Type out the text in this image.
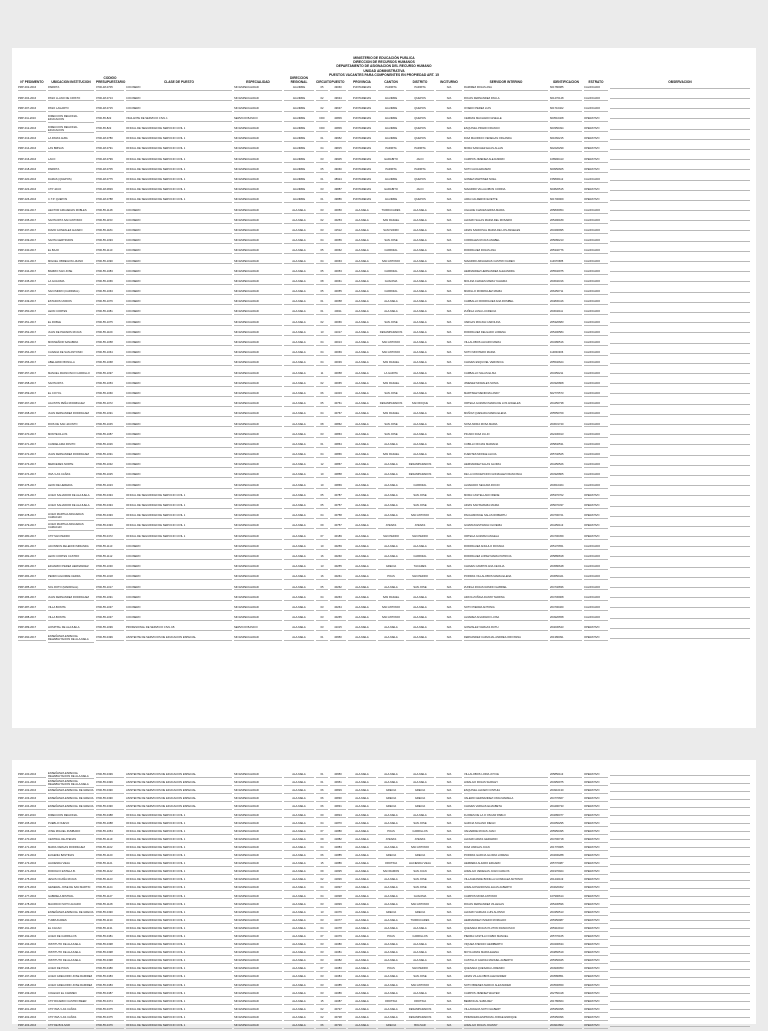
MINISTERIO DE EDUCACIÓN PUBLICA
DIRECCION DE RECURSOS HUMANOS
DEPARTAMENTO DE ASIGNACION DEL RECURSO HUMANO
UNIDAD ADMINISTRATIVA
PUESTOS VACANTES PARA COMPONENTES EN PROPIEDAD ART. 15
N° PEDIMENTO	UBICACION INSTITUCION	CODIGO PRESUPUESTARIO	CLASE DE PUESTO	ESPECIALIDAD	DIRECCION REGIONAL	CIRCUITO	PUESTO	PROVINCIA	CANTON	DISTRITO	INCITURNO	SERVIDOR INTERINO	IDENTIFICACION	ESTRATO	OBSERVACION
PMP-002-2016	PARRITA	0700-48-0705	COCINERO	SIN ESPECIALIDAD	AGUIRRE	05	49060	PUNTARENAS	PARRITA	PARRITA	N/A	RAMIREZ ROJAS ANA	601780985	CALIFICADO	
PMP-004-2016	PASO LLANO DE CRISTO	0700-48-0713	COCINERO	SIN ESPECIALIDAD	AGUIRRE	02	49634	PUNTARENAS	AGUIRRE	QUEPOS	N/A	ROJAS FERNANDEZ PAULA	601470148	CALIFICADO	
PMP-007-2016	PASO LAGARTO	0700-48-0715	COCINERO	SIN ESPECIALIDAD	AGUIRRE	02	49637	PUNTARENAS	AGUIRRE	QUEPOS	N/A	OVIEDO PEREZ LUIS	601710402	CALIFICADO	
PMP-011-2016	DIRECCION REGIONAL EDUCACION	0700-65-822	VIGILANTE DE SERVICIO CIVIL 1	SERVICIO BASICO	AGUIRRE	D00	40809	PUNTARENAS	AGUIRRE	QUEPOS	N/A	CERDAS MACHADO GISELLE	603510408	OPERATIVO	
PMP-012-2016	DIRECCION REGIONAL EDUCACION	0700-65-822	OFICIAL DE SEGURIDAD DE SERVICIO CIVIL 1	SIN ESPECIALIDAD	AGUIRRE	D00	40809	PUNTARENAS	AGUIRRE	QUEPOS	N/A	ESQUIVEL PRADO FRANCO	603350494	OPERATIVO	
PMP-013-2016	LA PAVAS ALBA	0700-48-0780	OFICIAL DE SEGURIDAD DE SERVICIO CIVIL 1	SIN ESPECIALIDAD	AGUIRRE	01	49952	PUNTARENAS	AGUIRRE	QUEPOS	N/A	DIAZ MAURICIO VENEGAS ORLANDA	601660215	OPERATIVO	
PMP-014-2016	LAS BRISAS	0700-48-0791	OFICIAL DE SEGURIDAD DE SERVICIO CIVIL 1	SIN ESPECIALIDAD	AGUIRRE	04	49815	PUNTARENAS	PARRITA	PARRITA	N/A	MORA SANCHEZ ELIAS ALLAN	602220299	OPERATIVO	
PMP-016-2016	LACO	0700-48-0799	OFICIAL DE SEGURIDAD DE SERVICIO CIVIL 1	SIN ESPECIALIDAD	AGUIRRE	03	49905	PUNTARENAS	GARABITO	JACO	N/A	CAMPOS JIMENEZ ALEJANDRO	108990413	OPERATIVO	
PMP-018-2016	PARRITA	0700-48-0705	OFICIAL DE SEGURIDAD DE SERVICIO CIVIL 1	SIN ESPECIALIDAD	AGUIRRE	05	49060	PUNTARENAS	PARRITA	PARRITA	N/A	SOTO ALVA ERASMO	600950605	OPERATIVO	
PMP-020-2016	DAMAS (QUEPOS)	0700-48-0775	OFICIAL DE SEGURIDAD DE SERVICIO CIVIL 1	SIN ESPECIALIDAD	AGUIRRE	01	48924	PUNTARENAS	AGUIRRE	QUEPOS	N/A	GOMEZ MARTINEZ NOEL	155806112	CALIFICADO	
PMP-023-2016	CTP JACO	0700-48-0829	OFICIAL DE SEGURIDAD DE SERVICIO CIVIL 1	SIN ESPECIALIDAD	AGUIRRE	03	49887	PUNTARENAS	GARABITO	JACO	N/A	NAVARRO VILLALOBOS CORINA	603820515	OPERATIVO	
PMP-026-2016	C.T.P. QUEPOS	0700-48-0788	OFICIAL DE SEGURIDAD DE SERVICIO CIVIL 1	SIN ESPECIALIDAD	AGUIRRE	01	49886	PUNTARENAS	AGUIRRE	QUEPOS	N/A	JARA CALDERON EVETTE	601700909	OPERATIVO	
PMP-032-2017	HECTOR ARGUEDAS ROBLES	0700-55-1148	COCINERO	SIN ESPECIALIDAD	ALAJUELA	03	40050	ALAJUELA	TURRUCARES	ALAJUELA	N/A	UGALDE CHAVES ERIKA MARIA	205830954	CALIFICADO	
PMP-035-2017	SANTA RITA SAN ANTONIO	0700-55-1153	COCINERO	SIN ESPECIALIDAD	ALAJUELA	02	40253	ALAJUELA	SAN RAFAEL	ALAJUELA	N/A	ALFARO SALAS MARIA DEL ROSARIO	205490189	CALIFICADO	
PMP-037-2017	DAVID GONZALEZ ALFARO	0700-55-1184	COCINERO	SIN ESPECIALIDAD	ALAJUELA	03	41512	ALAJUELA	SAN ISIDRO	ALAJUELA	N/A	ARIAS SANDOVAL MARIA DE LOS ANGELES	203490995	CALIFICADO	
PMP-039-2017	SANTA GERTRUDIS	0700-55-1093	COCINERO	SIN ESPECIALIDAD	ALAJUELA	04	40056	ALAJUELA	SAN JOSE	ALAJUELA	N/A	CORRALES ROJAS ANABEL	205080213	CALIFICADO	
PMP-040-2017	EL BAJO	0700-55-1110	COCINERO	SIN ESPECIALIDAD	ALAJUELA	05	40062	ALAJUELA	CARRIZAL	ALAJUELA	N/A	RODRIGUEZ ROJAS ANA	205340776	CALIFICADO	
PMP-041-2017	MIGUEL OBREGON LIZANO	0700-55-1090	COCINERO	SIN ESPECIALIDAD	ALAJUELA	04	40063	ALAJUELA	SAN ANTONIO	ALAJUELA	N/A	NAVARRO ARGUEDAS CASTRO KAREN	114970685	CALIFICADO	
PMP-044-2017	BARRIO SAN JOSE	0700-55-1083	COCINERO	SIN ESPECIALIDAD	ALAJUELA	05	40053	ALAJUELA	CARRIZAL	ALAJUELA	N/A	HERNANDEZ HERNANDEZ ALEJANDRA	205540975	CALIFICADO	
PMP-045-2017	LA GUACIMA	0700-55-1066	COCINERO	SIN ESPECIALIDAD	ALAJUELA	08	40061	ALAJUELA	GUACIMA	ALAJUELA	N/A	MOLINA CHAVES MARIA YAHAIRA	203640316	CALIFICADO	
PMP-047-2017	SAN ISIDRO (CARRIZAL)	0700-55-1063	COCINERO	SIN ESPECIALIDAD	ALAJUELA	05	40055	ALAJUELA	CARRIZAL	ALAJUELA	N/A	MURILLO RODRIGUEZ MARIA	206450711	CALIFICADO	
PMP-049-2017	ESTADOS UNIDOS	0700-55-1076	COCINERO	SIN ESPECIALIDAD	ALAJUELA	01	40058	ALAJUELA	ALAJUELA	ALAJUELA	N/A	CARBALLO RODRIGUEZ ANA ROSIBEL	204830416	CALIFICADO	
PMP-050-2017	LEON CORTES	0700-55-1081	COCINERO	SIN ESPECIALIDAD	ALAJUELA	01	40011	ALAJUELA	ALAJUELA	ALAJUELA	N/A	ZUÑIGA LUNA LUCRECIA	203040111	CALIFICADO	
PMP-051-2017	EL ROBLE	0700-55-1075	COCINERO	SIN ESPECIALIDAD	ALAJUELA	02	40066	ALAJUELA	SAN JOSE	ALAJUELA	N/A	VARGAS MOLINA CAROLINA	205320683	CALIFICADO	
PMP-052-2017	JUAN DE PARADIS ROJAS	0700-55-1109	COCINERO	SIN ESPECIALIDAD	ALAJUELA	13	41017	ALAJUELA	DESAMPARADOS	ALAJUELA	N/A	RODRIGUEZ DELGADO LORENA	205400584	CALIFICADO	
PMP-053-2017	MONSEÑOR SANABRIA	0700-55-1058	COCINERO	SIN ESPECIALIDAD	ALAJUELA	04	40013	ALAJUELA	SAN ANTONIO	ALAJUELA	N/A	VILLALOBOS ALFARO MARIA	203480516	CALIFICADO	
PMP-054-2017	CANADA DE SAN ANTONIO	0700-55-1064	COCINERO	SIN ESPECIALIDAD	ALAJUELA	04	40069	ALAJUELA	SAN ANTONIO	ALAJUELA	N/A	SOTO MONTERO MARIA	114840306	CALIFICADO	
PMP-056-2017	ABELARDO BONILLA	0700-55-1068	COCINERO	SIN ESPECIALIDAD	ALAJUELA	04	40039	ALAJUELA	SAN RAFAEL	ALAJUELA	N/A	CHAVES ESQUIVEL VERONICA	205540624	CALIFICADO	
PMP-057-2017	MANUEL FRANCISCO CARRILLO	0700-55-1097	COCINERO	SIN ESPECIALIDAD	ALAJUELA	11	40058	ALAJUELA	LA GARITA	ALAJUELA	N/A	CARBALLO SALAS ELISA	203450211	CALIFICADO	
PMP-058-2017	SANTA RITA	0700-55-1053	COCINERO	SIN ESPECIALIDAD	ALAJUELA	02	40065	ALAJUELA	SAN RAFAEL	ALAJUELA	N/A	JIMENEZ MORALES SONIA	203320808	CALIFICADO	
PMP-059-2017	EL COYOL	0700-55-1060	COCINERO	SIN ESPECIALIDAD	ALAJUELA	06	41003	ALAJUELA	SAN JOSE	ALAJUELA	N/A	MARTINEZ MENDOZA ANDY	602770573	CALIFICADO	
PMP-067-2017	AGUSTIN PEÑA RODRIGUEZ	0700-55-1072	COCINERO	SIN ESPECIALIDAD	ALAJUELA	05	40761	ALAJUELA	DESAMPARADOS	SAN ROQUE	N/A	ORTEGA GUZMAN MARIA DE LOS ANGELES	204450738	CALIFICADO	
PMP-068-2017	JUAN FERNANDEZ RODRIGUEZ	0700-55-1091	COCINERO	SIN ESPECIALIDAD	ALAJUELA	04	40767	ALAJUELA	SAN RAFAEL	ALAJUELA	N/A	MUÑOZ QUESADA MARIA ELENA	205550709	CALIFICADO	
PMP-069-2017	RIOS DE SAN JACINTO	0700-55-1045	COCINERO	SIN ESPECIALIDAD	ALAJUELA	08	40862	ALAJUELA	SAN JOSE	ALAJUELA	N/A	SOSA MORA ROSA MARIA	203631740	CALIFICADO	
PMP-070-2017	MONTECILLOS	0700-55-1087	COCINERO	SIN ESPECIALIDAD	ALAJUELA	03	40863	ALAJUELA	SAN JOSE	ALAJUELA	N/A	PICADO DIAZ JULIO	202430913	CALIFICADO	
PMP-071-2017	CANDELARIA PASITO	0700-55-1026	COCINERO	SIN ESPECIALIDAD	ALAJUELA	01	40864	ALAJUELA	ALAJUELA	ALAJUELA	N/A	CUBILLO ROJAS MARIANA	205840531	CALIFICADO	
PMP-072-2017	JUAN FERNANDEZ RODRIGUEZ	0700-55-1091	COCINERO	SIN ESPECIALIDAD	ALAJUELA	04	40866	ALAJUELA	SAN RAFAEL	ALAJUELA	N/A	FUENTES MONGE ALICIA	205740525	CALIFICADO	
PMP-073-2017	MERCEDES NORTE	0700-55-1032	COCINERO	SIN ESPECIALIDAD	ALAJUELA	12	40867	ALAJUELA	ALAJUELA	DESAMPARADOS	N/A	HERNANDEZ SALAS GLORIA	204450526	CALIFICADO	
PMP-074-2017	INVU LAS CAÑAS	0700-55-1025	COCINERO	SIN ESPECIALIDAD	ALAJUELA	10	40858	ALAJUELA	ALAJUELA	DESAMPARADOS	N/A	DE LA CONCEPCION GONZALEZ FRANCISCA	203320805	CALIFICADO	
PMP-075-2017	LEON DE HEREDIA	0700-55-1023	COCINERO	SIN ESPECIALIDAD	ALAJUELA	10	40869	ALAJUELA	ALAJUELA	CARRIZAL	N/A	ALVARADO SEGURA ROCIO	203610464	CALIFICADO	
PMP-076-2017	LICEO SALVADOR DE ALAJUELA	0700-55-0494	OFICIAL DE SEGURIDAD DE SERVICIO CIVIL 1	SIN ESPECIALIDAD	ALAJUELA	05	40787	ALAJUELA	ALAJUELA	SAN JOSE	N/A	MORA CASTELLANO IRENE	205370702	OPERATIVO	
PMP-077-2017	LICEO SALVADOR DE ALAJUELA	0700-55-0494	OFICIAL DE SEGURIDAD DE SERVICIO CIVIL 1	SIN ESPECIALIDAD	ALAJUELA	05	40757	ALAJUELA	ALAJUELA	SAN JOSE	N/A	ARIAS SANTAMARIA MARIA	205070337	OPERATIVO	
PMP-078-2017	LICEO MARTHA ARGUEDAS CAMACHO	0700-55-0493	OFICIAL DE SEGURIDAD DE SERVICIO CIVIL 1	SIN ESPECIALIDAD	ALAJUELA	04	40758	ALAJUELA	ALAJUELA	SAN ANTONIO	N/A	PACHAMONGE SALAS ROBERTH	203700721	OPERATIVO	
PMP-079-2017	LICEO MARTHA ARGUEDAS CAMACHO	0700-55-0493	OFICIAL DE SEGURIDAD DE SERVICIO CIVIL 1	SIN ESPECIALIDAD	ALAJUELA	09	40757	ALAJUELA	ATENAS	ATENAS	N/A	GUZMAN ESTRADA OLIVERIA	204450113	OPERATIVO	
PMP-080-2017	CTP SAN PEDRO	0700-55-0472	OFICIAL DE SEGURIDAD DE SERVICIO CIVIL 1	SIN ESPECIALIDAD	ALAJUELA	07	40189	ALAJUELA	SAN PEDRO	SAN PEDRO	N/A	ORTEGA GUZMAN ANGELA	204700459	OPERATIVO	
PMP-081-2017	JACINSKIN ZELEDON MIRANDA	0700-55-1113	COCINERO	SIN ESPECIALIDAD	ALAJUELA	10	40259	ALAJUELA	ALAJUELA	ALAJUELA	N/A	RODRIGUEZ ANGULO ROXANA	205170651	CALIFICADO	
PMP-082-2017	LEON CORTES CASTRO	0700-55-1112	COCINERO	SIN ESPECIALIDAD	ALAJUELA	16	40260	ALAJUELA	ALAJUELA	CARRIZAL	N/A	RODRIGUEZ LOPEZ MARIA PATRICIA	205880818	CALIFICADO	
PMP-083-2017	EDUARDO PEREZ HERNANDEZ	0700-55-1030	COCINERO	SIN ESPECIALIDAD	ALAJUELA	13	40255	ALAJUELA	GRECIA	TACARES	N/A	CHAVES CAMPOS ANA CECILIA	204580648	CALIFICADO	
PMP-084-2017	PEDRO AGUIRRE CERDA	0700-55-1018	COCINERO	SIN ESPECIALIDAD	ALAJUELA	16	40261	ALAJUELA	POAS	SAN PEDRO	N/A	PORRAS VILLALOBOS MARIA ELENA	203650421	CALIFICADO	
PMP-085-2017	SOL ROTO (MADRIGAL)	0700-55-1017	COCINERO	SIN ESPECIALIDAD	ALAJUELA	05	40262	ALAJUELA	ALAJUELA	SAN JOSE	N/A	ZUNIGA ROJAS RAMON GABRIEL	204740836	CALIFICADO	
PMP-086-2017	JUAN FERNANDEZ RODRIGUEZ	0700-55-1091	COCINERO	SIN ESPECIALIDAD	ALAJUELA	04	40263	ALAJUELA	SAN RAFAEL	ALAJUELA	N/A	ARAYA ZUÑIGA DANNY MARINA	204730908	CALIFICADO	
PMP-087-2017	VILLA BONITA	0700-55-1037	COCINERO	SIN ESPECIALIDAD	ALAJUELA	03	40264	ALAJUELA	SAN ANTONIO	ALAJUELA	N/A	SOTO PIEDRA ANTONIA	204700460	CALIFICADO	
PMP-088-2017	VILLA BONITA	0700-55-1037	COCINERO	SIN ESPECIALIDAD	ALAJUELA	03	40265	ALAJUELA	SAN ANTONIO	ALAJUELA	N/A	ALVAREZ ALVARADO LUISA	204920658	CALIFICADO	
PMP-089-2017	HOSPITAL DE ALAJUELA	0700-55-1099	PROFESIONAL DE SERVICIO CIVIL 1B	SERVICIO BASICO	ALAJUELA	03	41015	ALAJUELA	ALAJUELA	ALAJUELA	N/A	GONZALEZ VARGAS RUTH	204030543	OPERATIVO	
PMP-090-2017	ENSEÑANZA ESPECIAL REHABILITACION DE ALAJUELA	0700-55-0499	ASISTENTE DE SERVICIOS DE EDUCACION ESPECIAL	SIN ESPECIALIDAD	ALAJUELA	01	40950	ALAJUELA	ALAJUELA	ALAJUELA	N/A	FERNANDEZ CARVAJAL ANDREA ORIYANNA	201380091	OPERATIVO	
PMP-100-2016	ENSEÑANZA ESPECIAL REHABILITACION DE ALAJUELA	0700-55-0499	ASISTENTE DE SERVICIOS DE EDUCACION ESPECIAL	SIN ESPECIALIDAD	ALAJUELA	01	40950	ALAJUELA	ALAJUELA	ALAJUELA	N/A	VILLALOBOS LORIA JOYCE	205850113	OPERATIVO	
PMP-101-2016	ENSEÑANZA ESPECIAL REHABILITACION DE ALAJUELA	0700-55-0499	ASISTENTE DE SERVICIOS DE EDUCACION ESPECIAL	SIN ESPECIALIDAD	ALAJUELA	01	40951	ALAJUELA	ALAJUELA	ALAJUELA	N/A	HIDALGO ROJAS SHIRLEY	204950975	OPERATIVO	
PMP-102-2016	ENSEÑANZA ESPECIAL DE GRECIA	0700-55-0490	ASISTENTE DE SERVICIOS DE EDUCACION ESPECIAL	SIN ESPECIALIDAD	ALAJUELA	06	40829	ALAJUELA	GRECIA	GRECIA	N/A	ESQUIVEL ALFARO CINTHIA	204910130	OPERATIVO	
PMP-103-2016	ENSEÑANZA ESPECIAL DE GRECIA	0700-55-0490	ASISTENTE DE SERVICIOS DE EDUCACION ESPECIAL	SIN ESPECIALIDAD	ALAJUELA	06	40830	ALAJUELA	GRECIA	GRECIA	N/A	VALERIO HERNANDEZ CINIA MARIELA	204770667	OPERATIVO	
PMP-104-2016	ENSEÑANZA ESPECIAL DE GRECIA	0700-55-0490	ASISTENTE DE SERVICIOS DE EDUCACION ESPECIAL	SIN ESPECIALIDAD	ALAJUELA	06	40831	ALAJUELA	GRECIA	GRECIA	N/A	CHAVES VARGAS ELIZABETH	204490733	OPERATIVO	
PMP-115-2016	DIRECCION REGIONAL	0700-55-0488	OFICIAL DE SEGURIDAD DE SERVICIO CIVIL 1	SIN ESPECIALIDAD	ALAJUELA	00	40824	ALAJUELA	ALAJUELA	ALAJUELA	N/A	FLORES DE LA O OSCAR PABLO	204680077	OPERATIVO	
PMP-165-2016	PUEBLO NUEVO	0700-55-1088	OFICIAL DE SEGURIDAD DE SERVICIO CIVIL 1	SIN ESPECIALIDAD	ALAJUELA	04	41870	ALAJUELA	ALAJUELA	SAN JOSE	N/A	GARCIA SOLANO DIEGO	203250295	OPERATIVO	
PMP-166-2016	JOSE MIGUEL ZUMBADO	0700-55-1054	OFICIAL DE SEGURIDAD DE SERVICIO CIVIL 1	SIN ESPECIALIDAD	ALAJUELA	07	41880	ALAJUELA	POAS	CARRILLOS	N/A	VALVERDE ROJAS JUAN	205950495	OPERATIVO	
PMP-170-2016	CENTRAL DE ATENAS	0700-55-1119	OFICIAL DE SEGURIDAD DE SERVICIO CIVIL 1	SIN ESPECIALIDAD	ALAJUELA	09	41882	ALAJUELA	ATENAS	ATENAS	N/A	ALFARO ARIAS GERARDO	204700718	OPERATIVO	
PMP-171-2016	MARIA VARGAS RODRIGUEZ	0700-55-1102	OFICIAL DE SEGURIDAD DE SERVICIO CIVIL 1	SIN ESPECIALIDAD	ALAJUELA	04	41884	ALAJUELA	ALAJUELA	SAN ANTONIO	N/A	DIAZ VARGAS JUAN	201770965	OPERATIVO	
PMP-172-2016	EUGENIA BASTIDAS	0700-55-1120	OFICIAL DE SEGURIDAD DE SERVICIO CIVIL 1	SIN ESPECIALIDAD	ALAJUELA	06	41885	ALAJUELA	GRECIA	GRECIA	N/A	PORRAS GARCIA GLORIA LORENA	204600288	OPERATIVO	
PMP-173-2016	HACIENDA VIEJA	0700-55-1121	OFICIAL DE SEGURIDAD DE SERVICIO CIVIL 1	SIN ESPECIALIDAD	ALAJUELA	15	41886	ALAJUELA	OROTINA	HACIENDA VIEJA	N/A	HERRERA ALFARO EDGARD	205770087	OPERATIVO	
PMP-174-2016	RODOLFO ESTELA B.	0700-55-1122	OFICIAL DE SEGURIDAD DE SERVICIO CIVIL 1	SIN ESPECIALIDAD	ALAJUELA	09	41825	ALAJUELA	SAN RAMON	SAN JUAN	N/A	HIDALGO VENEGAS JUAN CARLOS	201970924	OPERATIVO	
PMP-175-2016	JESUS OCAÑA ROJAS	0700-55-1123	OFICIAL DE SEGURIDAD DE SERVICIO CIVIL 1	SIN ESPECIALIDAD	ALAJUELA	02	41826	ALAJUELA	ALAJUELA	SAN JOSE	N/A	VILLAGRANDE BONILLA GONZALEZ ANTONIO	201440119	OPERATIVO	
PMP-176-2016	GENERAL JOSE DE SAN MARTIN	0700-55-1124	OFICIAL DE SEGURIDAD DE SERVICIO CIVIL 1	SIN ESPECIALIDAD	ALAJUELA	04	41827	ALAJUELA	ALAJUELA	SAN JOSE	N/A	HIDALGOSANDOVAL ELIAS ALBERTO	204620302	OPERATIVO	
PMP-177-2016	GABRIELA MISTRAL	0700-55-1127	OFICIAL DE SEGURIDAD DE SERVICIO CIVIL 1	SIN ESPECIALIDAD	ALAJUELA	04	41828	ALAJUELA	ALAJUELA	GUACIMA	N/A	CAMPOS MORA ANTONIO	107990614	OPERATIVO	
PMP-178-2016	MAURICIO SOTO ALFARO	0700-55-1128	OFICIAL DE SEGURIDAD DE SERVICIO CIVIL 1	SIN ESPECIALIDAD	ALAJUELA	03	41829	ALAJUELA	ALAJUELA	SAN ANTONIO	N/A	ROJAS FERNANDEZ VILLEGAS	205430596	OPERATIVO	
PMP-189-2016	ENSEÑANZA ESPECIAL DE GRECIA	0700-55-0490	OFICIAL DE SEGURIDAD DE SERVICIO CIVIL 1	SIN ESPECIALIDAD	ALAJUELA	13	41076	ALAJUELA	GRECIA	GRECIA	N/A	ALFARO VARGAS LUIS ALONSO	204350513	OPERATIVO	
PMP-190-2016	TURRUCARES	0700-55-1130	OFICIAL DE SEGURIDAD DE SERVICIO CIVIL 1	SIN ESPECIALIDAD	ALAJUELA	03	41077	ALAJUELA	ALAJUELA	TURRUCARES	N/A	HERNANDEZ OVIEDO ROMALDO	205350987	OPERATIVO	
PMP-191-2016	EL CACAO	0700-55-1131	OFICIAL DE SEGURIDAD DE SERVICIO CIVIL 1	SIN ESPECIALIDAD	ALAJUELA	04	41078	ALAJUELA	ALAJUELA	ALAJUELA	N/A	QUESADA ROJAS PLUTON FRANCISCO	205310913	OPERATIVO	
PMP-192-2016	LICEO DE CARRILLOS	0700-55-0481	OFICIAL DE SEGURIDAD DE SERVICIO CIVIL 1	SIN ESPECIALIDAD	ALAJUELA	07	41079	ALAJUELA	POAS	CARRILLOS	N/A	PIEDRA CASTILLO FABIO MANUEL	205770165	OPERATIVO	
PMP-193-2016	INSTITUTO DE ALAJUELA	0700-55-0498	OFICIAL DE SEGURIDAD DE SERVICIO CIVIL 1	SIN ESPECIALIDAD	ALAJUELA	03	41080	ALAJUELA	ALAJUELA	ALAJUELA	N/A	VIQUEZ ATENCIO HERIBERTO	203400634	OPERATIVO	
PMP-194-2016	INSTITUTO DE ALAJUELA	0700-55-0498	OFICIAL DE SEGURIDAD DE SERVICIO CIVIL 1	SIN ESPECIALIDAD	ALAJUELA	03	41081	ALAJUELA	ALAJUELA	ALAJUELA	N/A	MOYA ARIAS MARIA ELENA	204860519	OPERATIVO	
PMP-195-2016	INSTITUTO DE ALAJUELA	0700-55-0498	OFICIAL DE SEGURIDAD DE SERVICIO CIVIL 1	SIN ESPECIALIDAD	ALAJUELA	03	41082	ALAJUELA	ALAJUELA	ALAJUELA	N/A	CASTILLO GARCIA MANUEL ALBERTO	205350945	OPERATIVO	
PMP-196-2016	LICEO DE POAS	0700-55-0480	OFICIAL DE SEGURIDAD DE SERVICIO CIVIL 1	SIN ESPECIALIDAD	ALAJUELA	07	41083	ALAJUELA	POAS	SAN PEDRO	N/A	QUESADA QUESADA LORENZO	204930053	OPERATIVO	
PMP-197-2016	LICEO GREGORIO JOSE RAMIREZ	0700-55-0483	OFICIAL DE SEGURIDAD DE SERVICIO CIVIL 1	SIN ESPECIALIDAD	ALAJUELA	03	41084	ALAJUELA	ALAJUELA	SAN JOSE	N/A	ARIAS VILLALOBOS ALEXANDER	203580851	OPERATIVO	
PMP-198-2016	LICEO GREGORIO JOSE RAMIREZ	0700-55-0483	OFICIAL DE SEGURIDAD DE SERVICIO CIVIL 1	SIN ESPECIALIDAD	ALAJUELA	03	41085	ALAJUELA	ALAJUELA	SAN ANTONIO	N/A	SOTO BRENES MARCO ALEXANDER	203500650	OPERATIVO	
PMP-199-2016	COLEGIO EL CARMEN	0700-55-0487	OFICIAL DE SEGURIDAD DE SERVICIO CIVIL 1	SIN ESPECIALIDAD	ALAJUELA	03	41086	ALAJUELA	ALAJUELA	ALAJUELA	N/A	CAMPOS JIMENEZ WALTER	202750418	OPERATIVO	
PMP-200-2016	CTP RICARDO CASTRO BEER	0700-55-0474	OFICIAL DE SEGURIDAD DE SERVICIO CIVIL 1	SIN ESPECIALIDAD	ALAJUELA	15	41087	ALAJUELA	OROTINA	OROTINA	N/A	BERROCAL SABA REY	201780664	OPERATIVO	
PMP-201-2016	CTP INVU LAS CAÑAS	0700-55-0475	OFICIAL DE SEGURIDAD DE SERVICIO CIVIL 1	SIN ESPECIALIDAD	ALAJUELA	02	40727	ALAJUELA	ALAJUELA	DESAMPARADOS	N/A	VILLANUEVA SOTO GILBERT	205350095	OPERATIVO	
PMP-202-2016	CTP INVU LAS CAÑAS	0700-55-0475	OFICIAL DE SEGURIDAD DE SERVICIO CIVIL 1	SIN ESPECIALIDAD	ALAJUELA	02	40728	ALAJUELA	ALAJUELA	DESAMPARADOS	N/A	PRIMAVERA ESPINOZA JORGE ENRIQUE	205350096	OPERATIVO	
PMP-203-2016	CTP DE BOLIVAR	0700-55-0476	OFICIAL DE SEGURIDAD DE SERVICIO CIVIL 1	SIN ESPECIALIDAD	ALAJUELA	06	40729	ALAJUELA	GRECIA	BOLIVAR	N/A	HIDALGO ROJAS JOHNNY	204910802	OPERATIVO	
